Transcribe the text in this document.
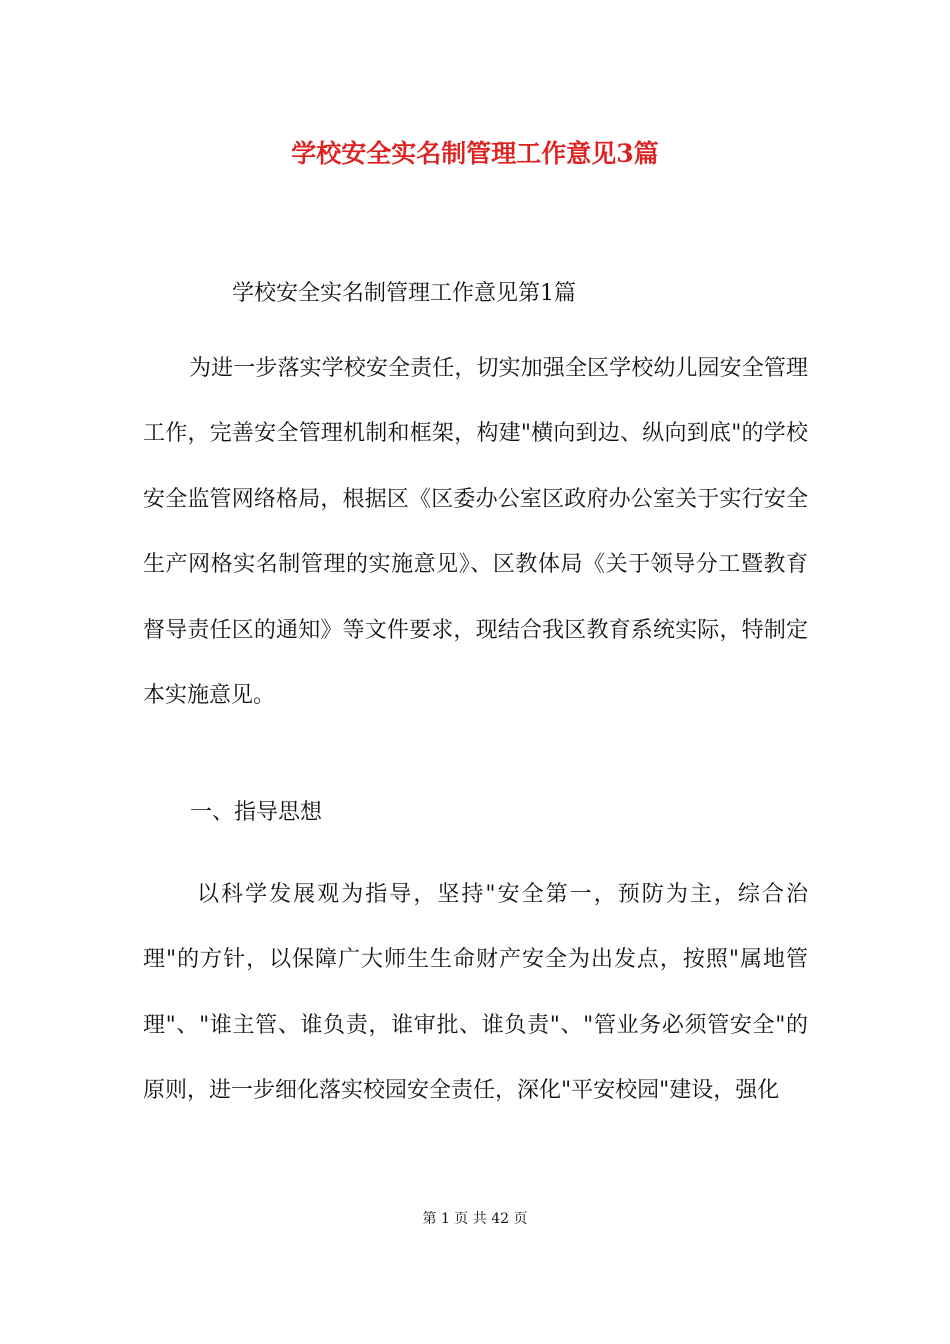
学校安全实名制管理工作意见3篇
学校安全实名制管理工作意见第1篇

为进一步落实学校安全责任，切实加强全区学校幼儿园安全管理工作，完善安全管理机制和框架，构建"横向到边、纵向到底"的学校安全监管网络格局，根据区《区委办公室区政府办公室关于实行安全生产网格实名制管理的实施意见》、区教体局《关于领导分工暨教育督导责任区的通知》等文件要求，现结合我区教育系统实际，特制定本实施意见。

一、指导思想

以科学发展观为指导，坚持"安全第一，预防为主，综合治理"的方针，以保障广大师生生命财产安全为出发点，按照"属地管理"、"谁主管、谁负责，谁审批、谁负责"、"管业务必须管安全"的原则，进一步细化落实校园安全责任，深化"平安校园"建设，强化

第 1 页 共 42 页
